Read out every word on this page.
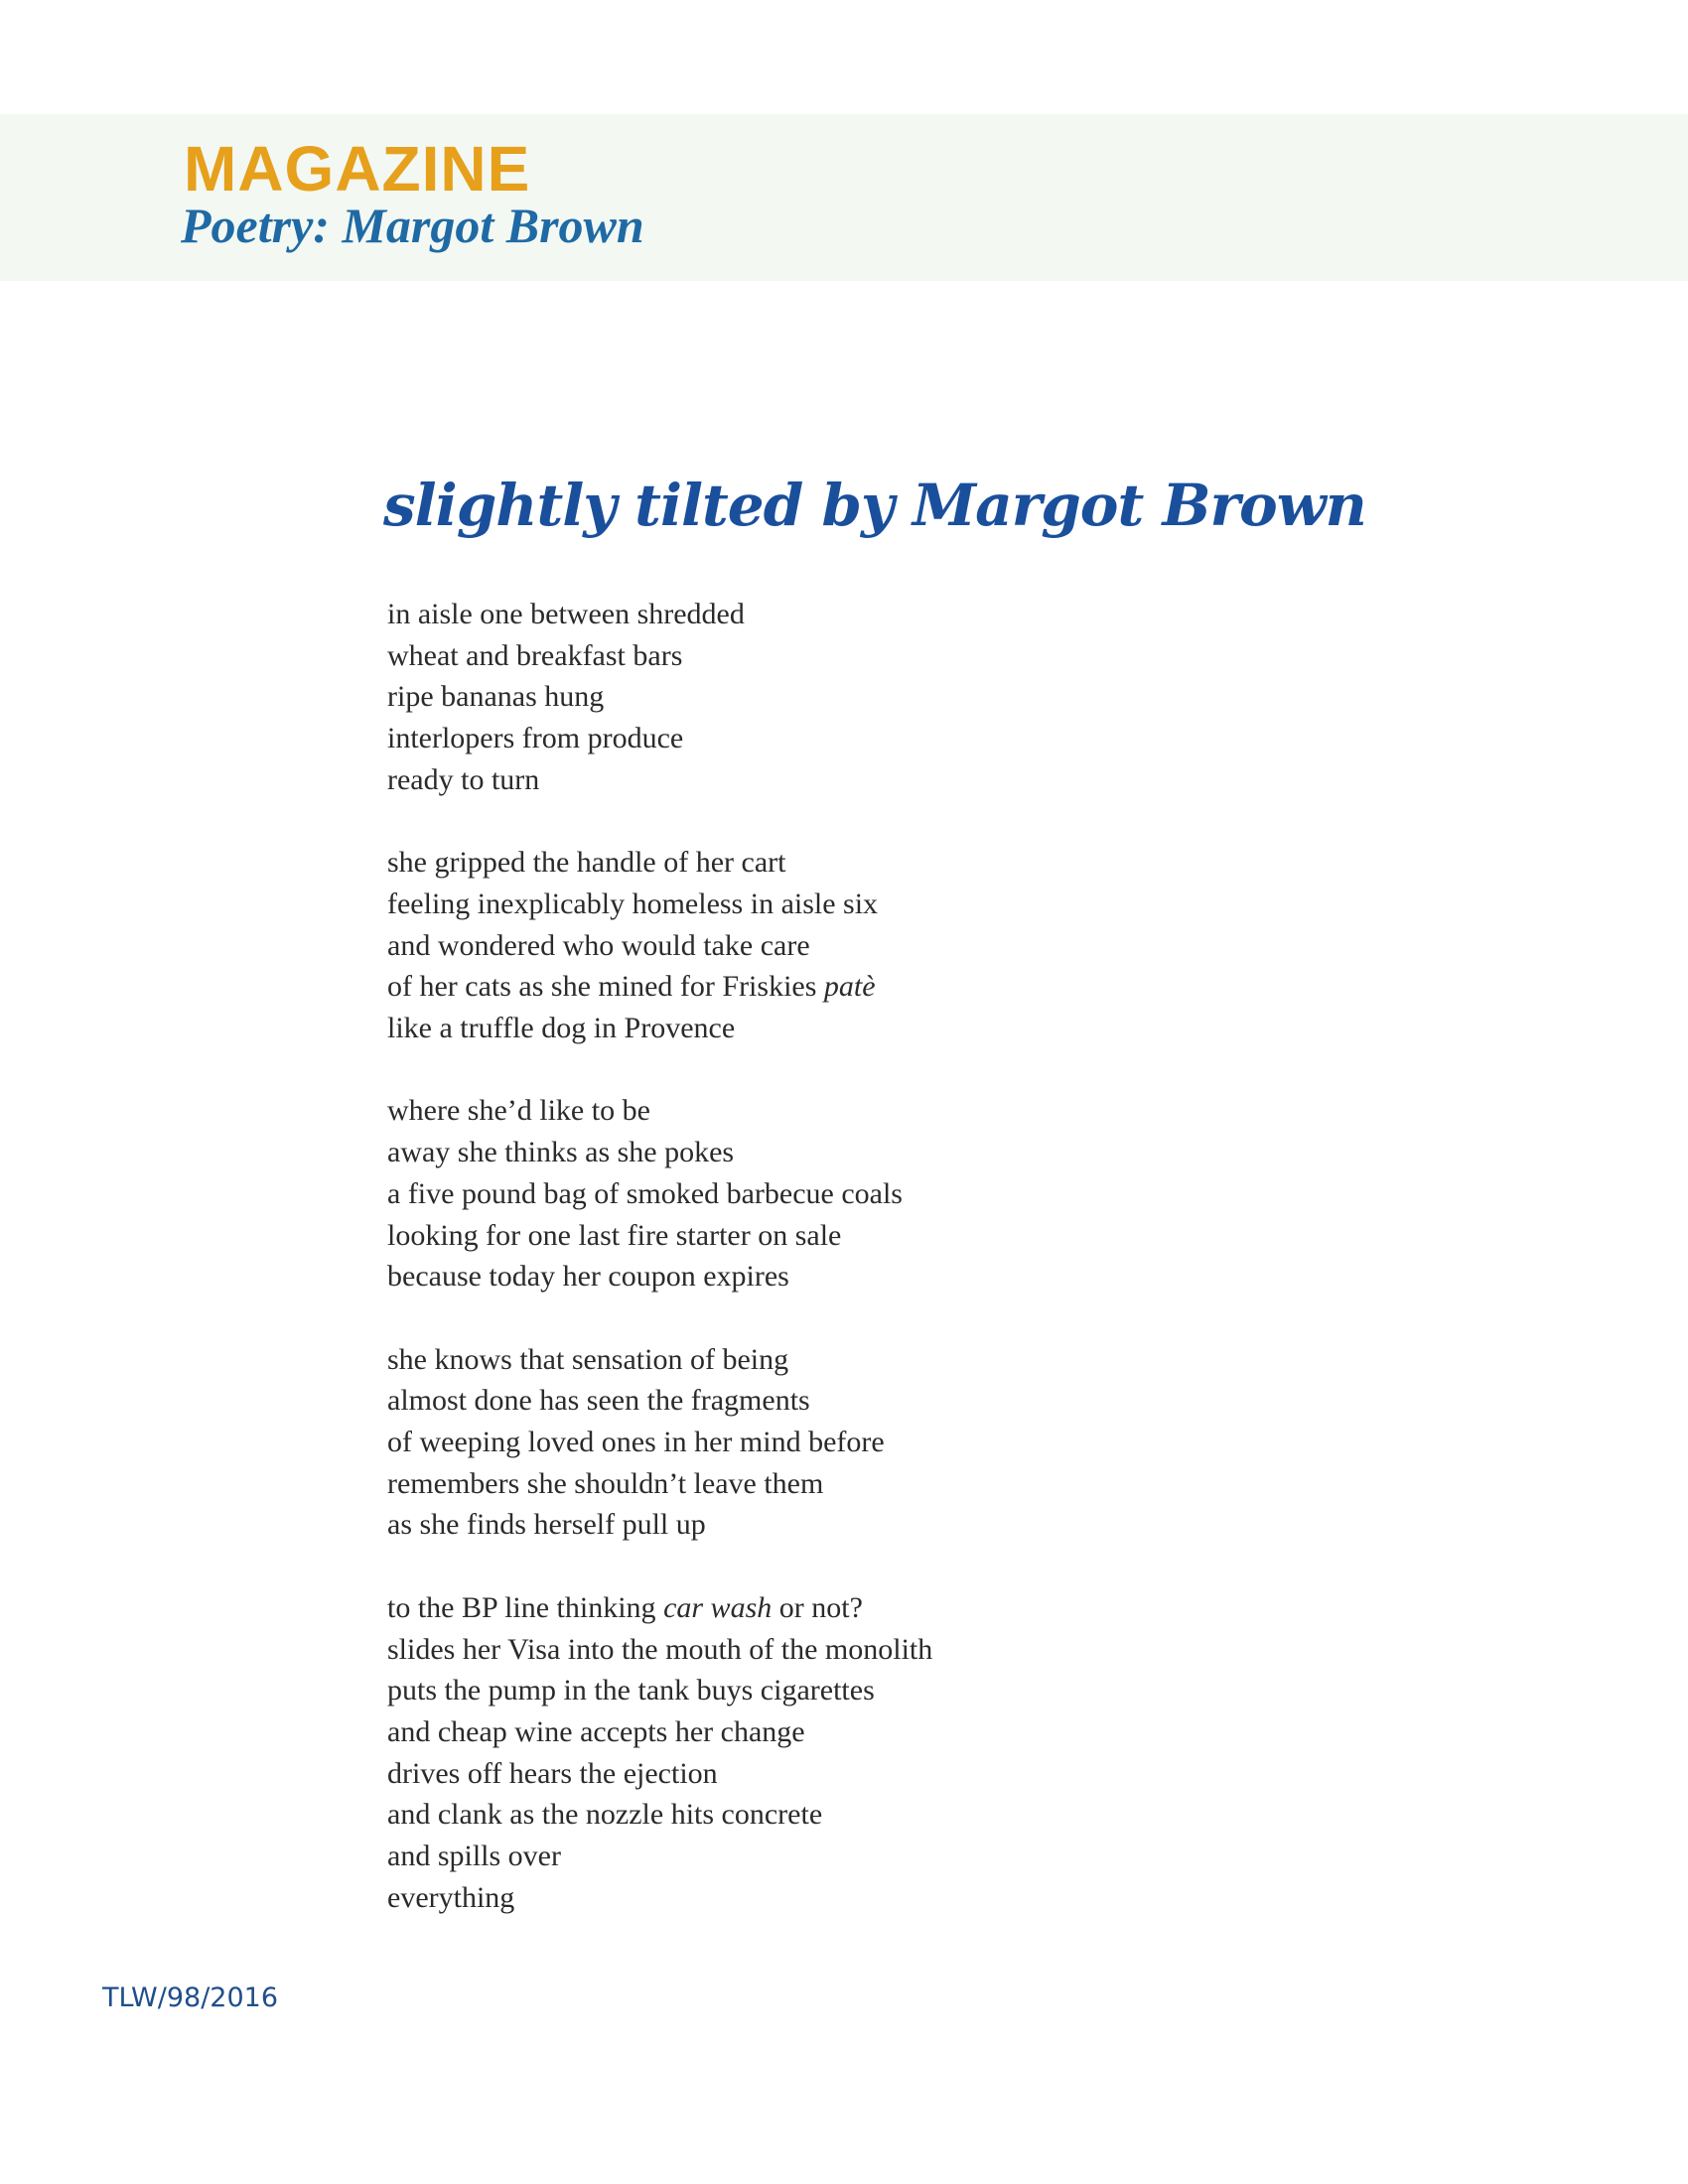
MAGAZINE
Poetry: Margot Brown
slightly tilted by Margot Brown
in aisle one between shredded
wheat and breakfast bars
ripe bananas hung
interlopers from produce
ready to turn
she gripped the handle of her cart
feeling inexplicably homeless in aisle six
and wondered who would take care
of her cats as she mined for Friskies patè
like a truffle dog in Provence
where she’d like to be
away she thinks as she pokes
a five pound bag of smoked barbecue coals
looking for one last fire starter on sale
because today her coupon expires
she knows that sensation of being
almost done has seen the fragments
of weeping loved ones in her mind before
remembers she shouldn’t leave them
as she finds herself pull up
to the BP line thinking car wash or not?
slides her Visa into the mouth of the monolith
puts the pump in the tank buys cigarettes
and cheap wine accepts her change
drives off hears the ejection
and clank as the nozzle hits concrete
and spills over
everything
TLW/98/2016
